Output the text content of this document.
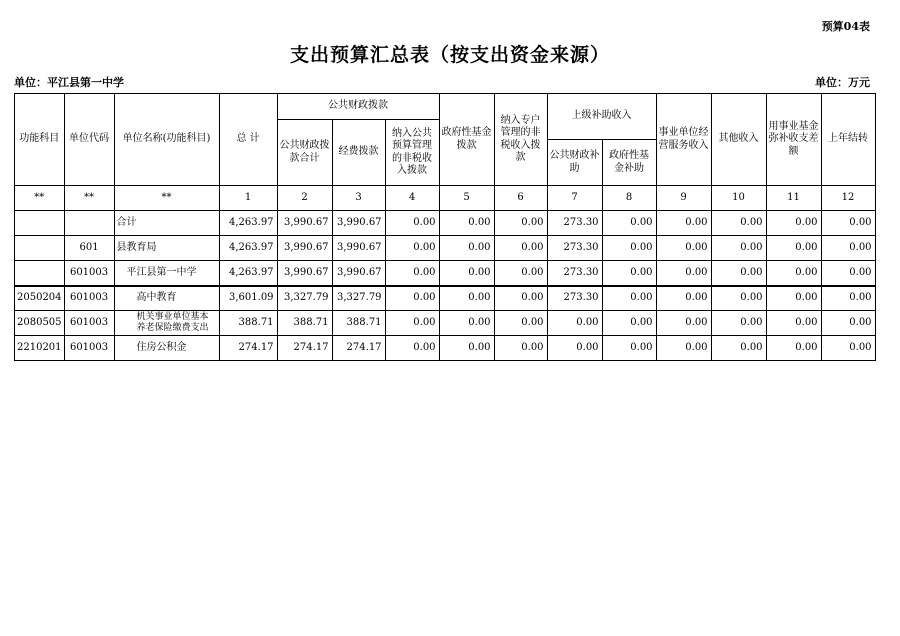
预算04表
支出预算汇总表（按支出资金来源）
单位：平江县第一中学	单位：万元
功能科目	单位代码	单位名称(功能科目)	总 计	公共财政拨款			政府性基金拨款	纳入专户管理的非税收入拨款	上级补助收入		事业单位经营服务收入	其他收入	用事业基金弥补收支差额	上年结转
				公共财政拨款合计	经费拨款	纳入公共预算管理的非税收入拨款								
									公共财政补助	政府性基金补助				
**	**	**	1	2	3	4	5	6	7	8	9	10	11	12
		合计	4,263.97	3,990.67	3,990.67	0.00	0.00	0.00	273.30	0.00	0.00	0.00	0.00	0.00
	601	县教育局	4,263.97	3,990.67	3,990.67	0.00	0.00	0.00	273.30	0.00	0.00	0.00	0.00	0.00
	601003	平江县第一中学	4,263.97	3,990.67	3,990.67	0.00	0.00	0.00	273.30	0.00	0.00	0.00	0.00	0.00
2050204	601003	高中教育	3,601.09	3,327.79	3,327.79	0.00	0.00	0.00	273.30	0.00	0.00	0.00	0.00	0.00
2080505	601003	机关事业单位基本养老保险缴费支出	388.71	388.71	388.71	0.00	0.00	0.00	0.00	0.00	0.00	0.00	0.00	0.00
2210201	601003	住房公积金	274.17	274.17	274.17	0.00	0.00	0.00	0.00	0.00	0.00	0.00	0.00	0.00
